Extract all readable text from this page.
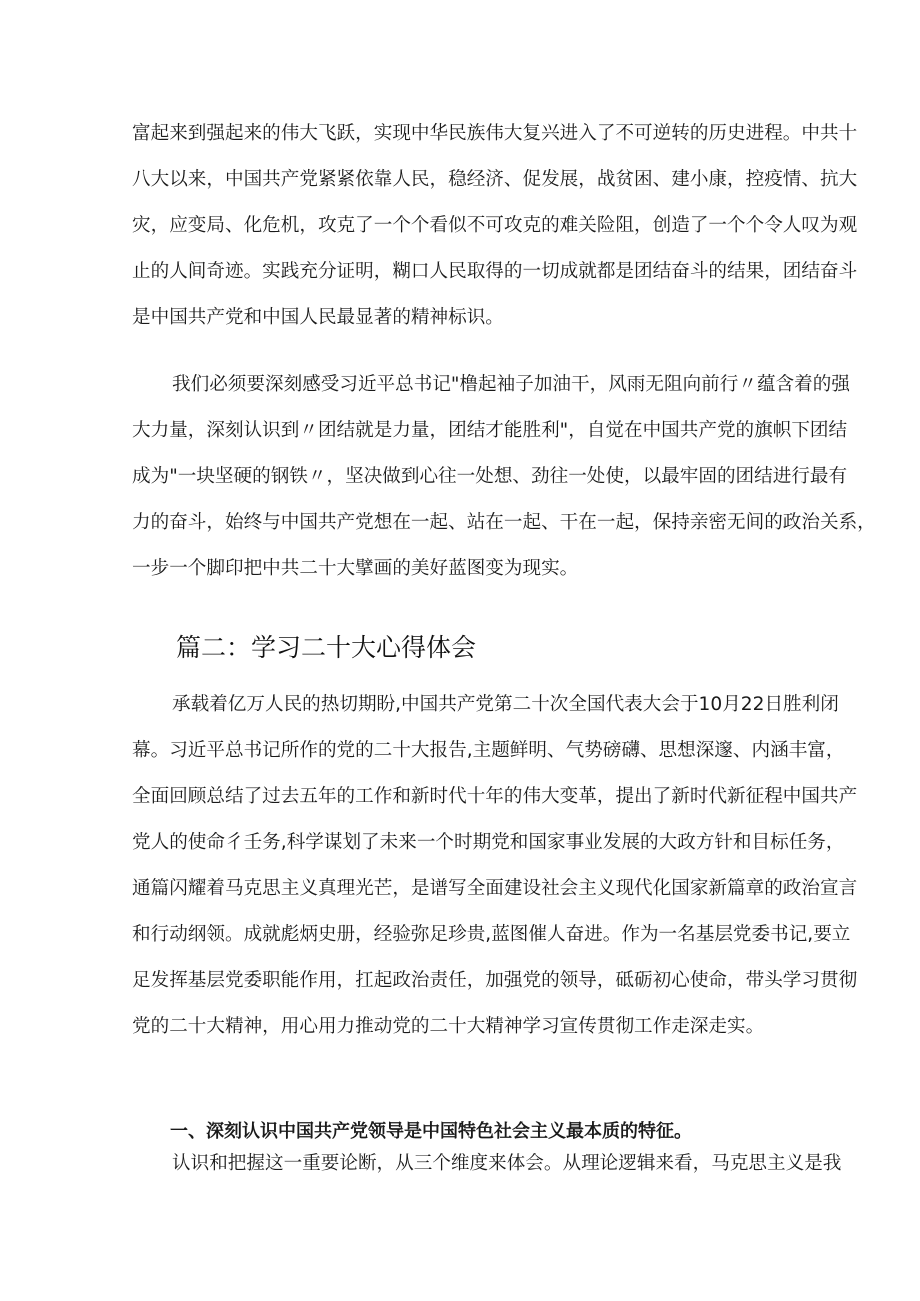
富起来到强起来的伟大飞跃，实现中华民族伟大复兴进入了不可逆转的历史进程。中共十
八大以来，中国共产党紧紧依靠人民，稳经济、促发展，战贫困、建小康，控疫情、抗大
灾，应变局、化危机，攻克了一个个看似不可攻克的难关险阻，创造了一个个令人叹为观
止的人间奇迹。实践充分证明，糊口人民取得的一切成就都是团结奋斗的结果，团结奋斗
是中国共产党和中国人民最显著的精神标识。
我们必须要深刻感受习近平总书记"橹起袖子加油干，风雨无阻向前行〃蕴含着的强
大力量，深刻认识到〃团结就是力量，团结才能胜利"，自觉在中国共产党的旗帜下团结
成为"一块坚硬的钢铁〃，坚决做到心往一处想、劲往一处使，以最牢固的团结进行最有
力的奋斗，始终与中国共产党想在一起、站在一起、干在一起，保持亲密无间的政治关系，
一步一个脚印把中共二十大擘画的美好蓝图变为现实。
篇二：学习二十大心得体会
承载着亿万人民的热切期盼,中国共产党第二十次全国代表大会于10月22日胜利闭
幕。习近平总书记所作的党的二十大报告,主题鲜明、气势磅礴、思想深邃、内涵丰富，
全面回顾总结了过去五年的工作和新时代十年的伟大变革，提出了新时代新征程中国共产
党人的使命彳壬务,科学谋划了未来一个时期党和国家事业发展的大政方针和目标任务，
通篇闪耀着马克思主义真理光芒，是谱写全面建设社会主义现代化国家新篇章的政治宣言
和行动纲领。成就彪炳史册，经验弥足珍贵,蓝图催人奋进。作为一名基层党委书记,要立
足发挥基层党委职能作用，扛起政治责任，加强党的领导，砥砺初心使命，带头学习贯彻
党的二十大精神，用心用力推动党的二十大精神学习宣传贯彻工作走深走实。
一、深刻认识中国共产党领导是中国特色社会主义最本质的特征。
认识和把握这一重要论断，从三个维度来体会。从理论逻辑来看，马克思主义是我
